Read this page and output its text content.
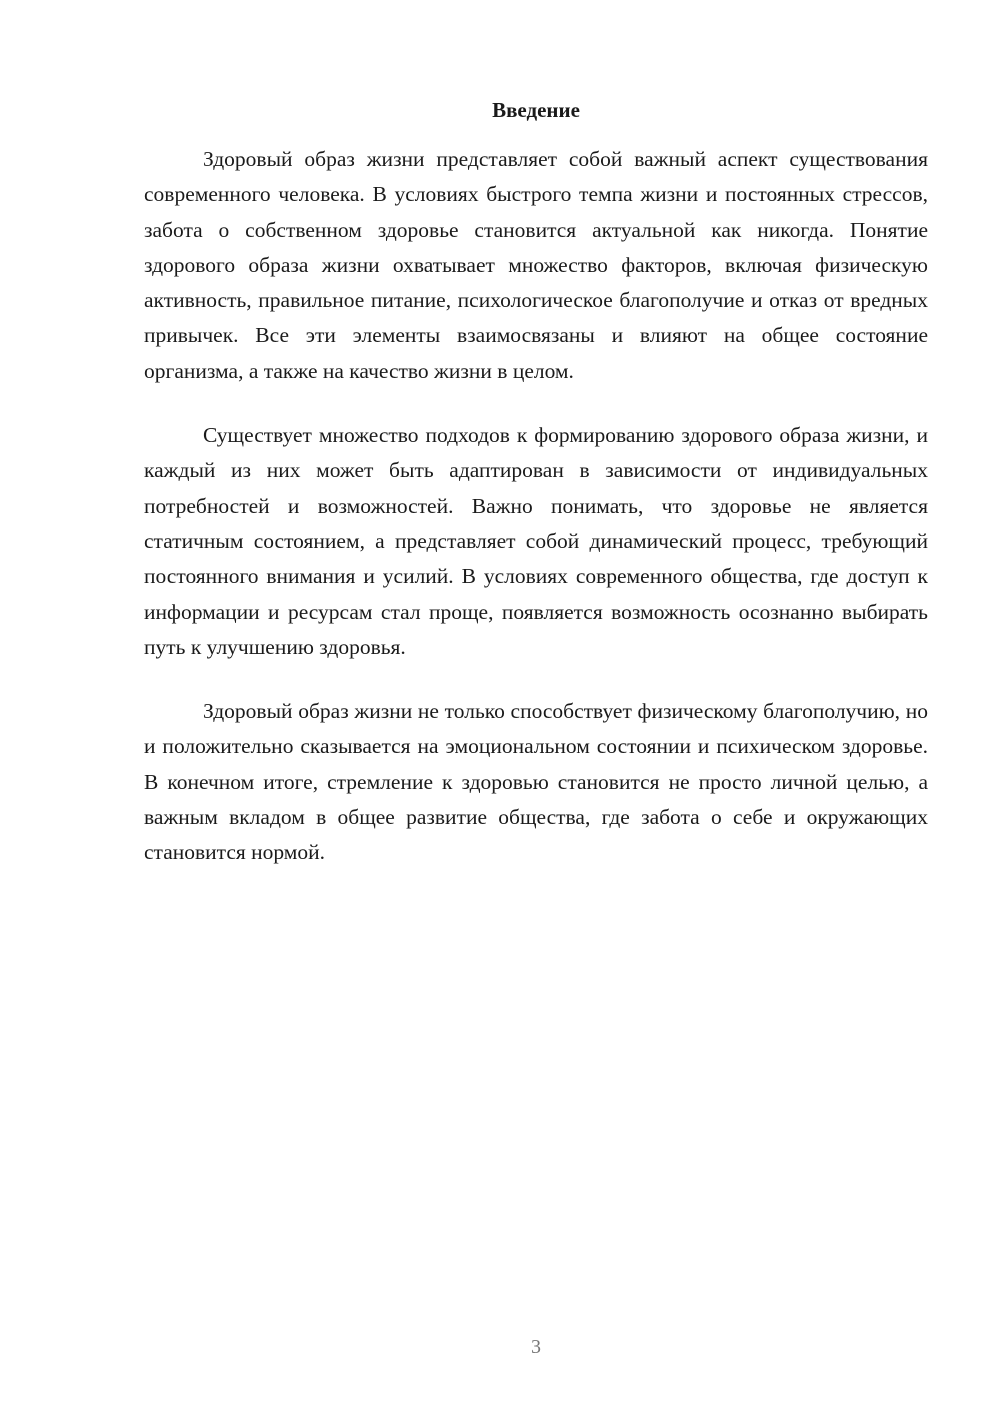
Введение

Здоровый образ жизни представляет собой важный аспект существования современного человека. В условиях быстрого темпа жизни и постоянных стрессов, забота о собственном здоровье становится актуальной как никогда. Понятие здорового образа жизни охватывает множество факторов, включая физическую активность, правильное питание, психологическое благополучие и отказ от вредных привычек. Все эти элементы взаимосвязаны и влияют на общее состояние организма, а также на качество жизни в целом.

Существует множество подходов к формированию здорового образа жизни, и каждый из них может быть адаптирован в зависимости от индивидуальных потребностей и возможностей. Важно понимать, что здоровье не является статичным состоянием, а представляет собой динамический процесс, требующий постоянного внимания и усилий. В условиях современного общества, где доступ к информации и ресурсам стал проще, появляется возможность осознанно выбирать путь к улучшению здоровья.

Здоровый образ жизни не только способствует физическому благополучию, но и положительно сказывается на эмоциональном состоянии и психическом здоровье. В конечном итоге, стремление к здоровью становится не просто личной целью, а важным вкладом в общее развитие общества, где забота о себе и окружающих становится нормой.

3
